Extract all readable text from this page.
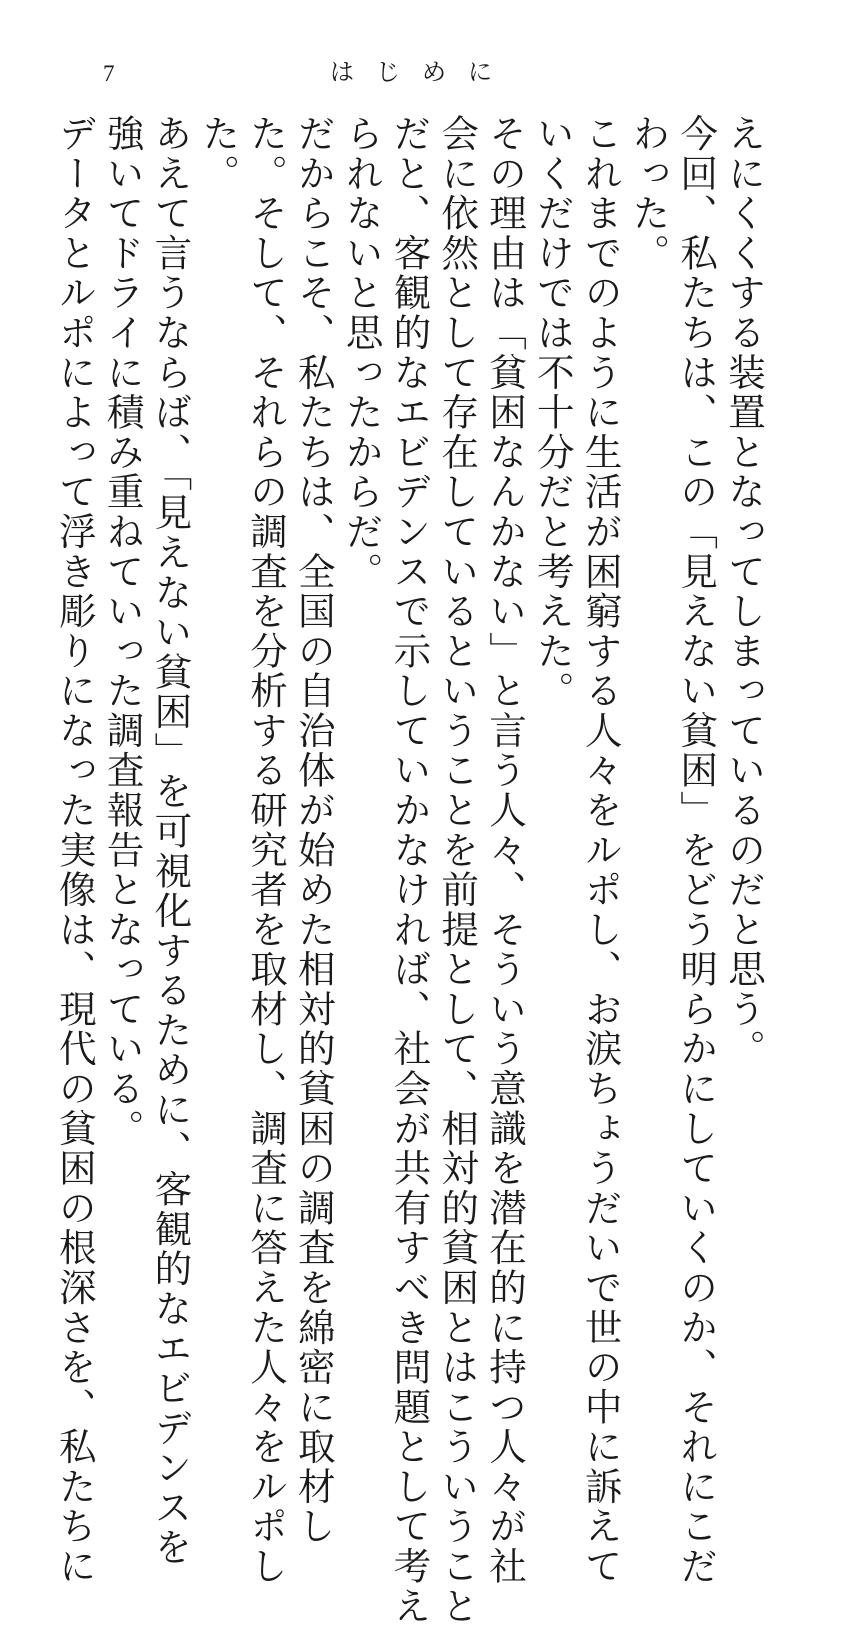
7	はじめに
えにくくする装置となってしまっているのだと思う。
今回、私たちは、この「見えない貧困」をどう明らかにしていくのか、それにこだ
わった。
これまでのように生活が困窮する人々をルポし、お涙ちょうだいで世の中に訴えて
いくだけでは不十分だと考えた。
その理由は「貧困なんかない」と言う人々、そういう意識を潜在的に持つ人々が社
会に依然として存在しているということを前提として、相対的貧困とはこういうこと
だと、客観的なエビデンスで示していかなければ、社会が共有すべき問題として考え
られないと思ったからだ。
だからこそ、私たちは、全国の自治体が始めた相対的貧困の調査を綿密に取材し
た。そして、それらの調査を分析する研究者を取材し、調査に答えた人々をルポし
た。
あえて言うならば、「見えない貧困」を可視化するために、客観的なエビデンスを
強いてドライに積み重ねていった調査報告となっている。
データとルポによって浮き彫りになった実像は、現代の貧困の根深さを、私たちに
